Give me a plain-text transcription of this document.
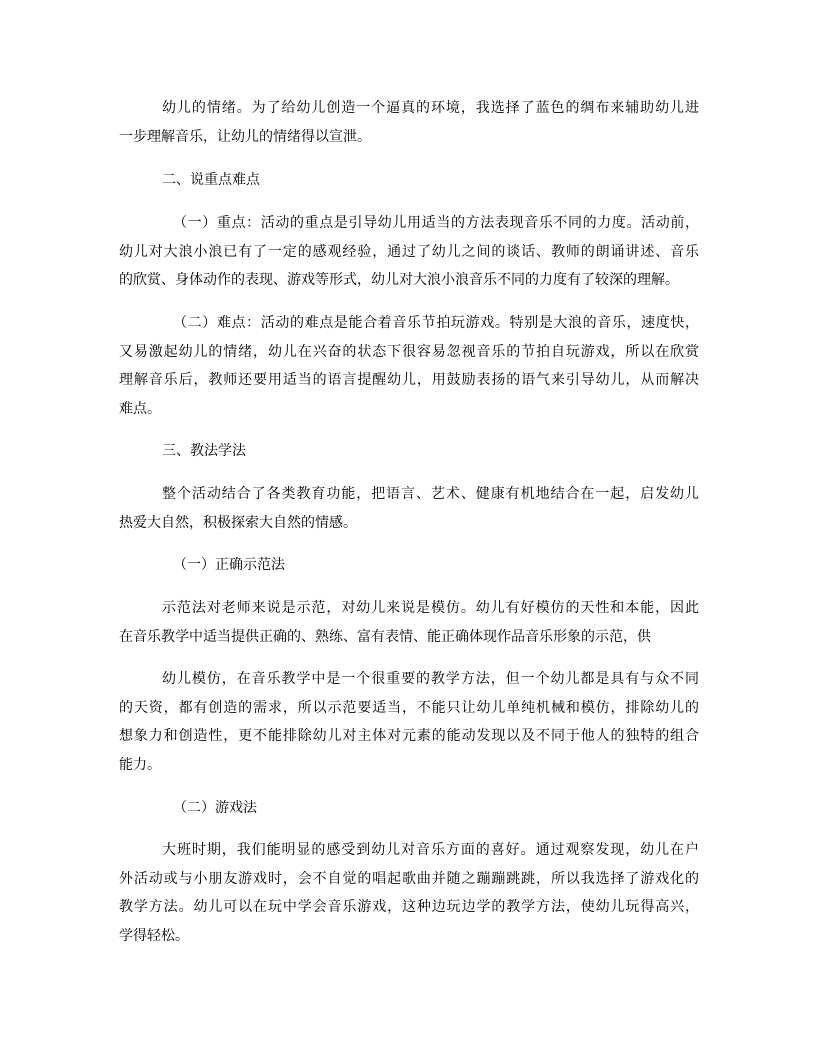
幼儿的情绪。为了给幼儿创造一个逼真的环境，我选择了蓝色的绸布来辅助幼儿进
一步理解音乐，让幼儿的情绪得以宣泄。
二、说重点难点
（一）重点：活动的重点是引导幼儿用适当的方法表现音乐不同的力度。活动前，
幼儿对大浪小浪已有了一定的感观经验，通过了幼儿之间的谈话、教师的朗诵讲述、音乐
的欣赏、身体动作的表现、游戏等形式，幼儿对大浪小浪音乐不同的力度有了较深的理解。
（二）难点：活动的难点是能合着音乐节拍玩游戏。特别是大浪的音乐，速度快，
又易激起幼儿的情绪，幼儿在兴奋的状态下很容易忽视音乐的节拍自玩游戏，所以在欣赏
理解音乐后，教师还要用适当的语言提醒幼儿，用鼓励表扬的语气来引导幼儿，从而解决
难点。
三、教法学法
整个活动结合了各类教育功能，把语言、艺术、健康有机地结合在一起，启发幼儿
热爱大自然，积极探索大自然的情感。
（一）正确示范法
示范法对老师来说是示范，对幼儿来说是模仿。幼儿有好模仿的天性和本能，因此
在音乐教学中适当提供正确的、熟练、富有表情、能正确体现作品音乐形象的示范，供
幼儿模仿，在音乐教学中是一个很重要的教学方法，但一个幼儿都是具有与众不同
的天资，都有创造的需求，所以示范要适当，不能只让幼儿单纯机械和模仿，排除幼儿的
想象力和创造性，更不能排除幼儿对主体对元素的能动发现以及不同于他人的独特的组合
能力。
（二）游戏法
大班时期，我们能明显的感受到幼儿对音乐方面的喜好。通过观察发现，幼儿在户
外活动或与小朋友游戏时，会不自觉的唱起歌曲并随之蹦蹦跳跳，所以我选择了游戏化的
教学方法。幼儿可以在玩中学会音乐游戏，这种边玩边学的教学方法，使幼儿玩得高兴，
学得轻松。
